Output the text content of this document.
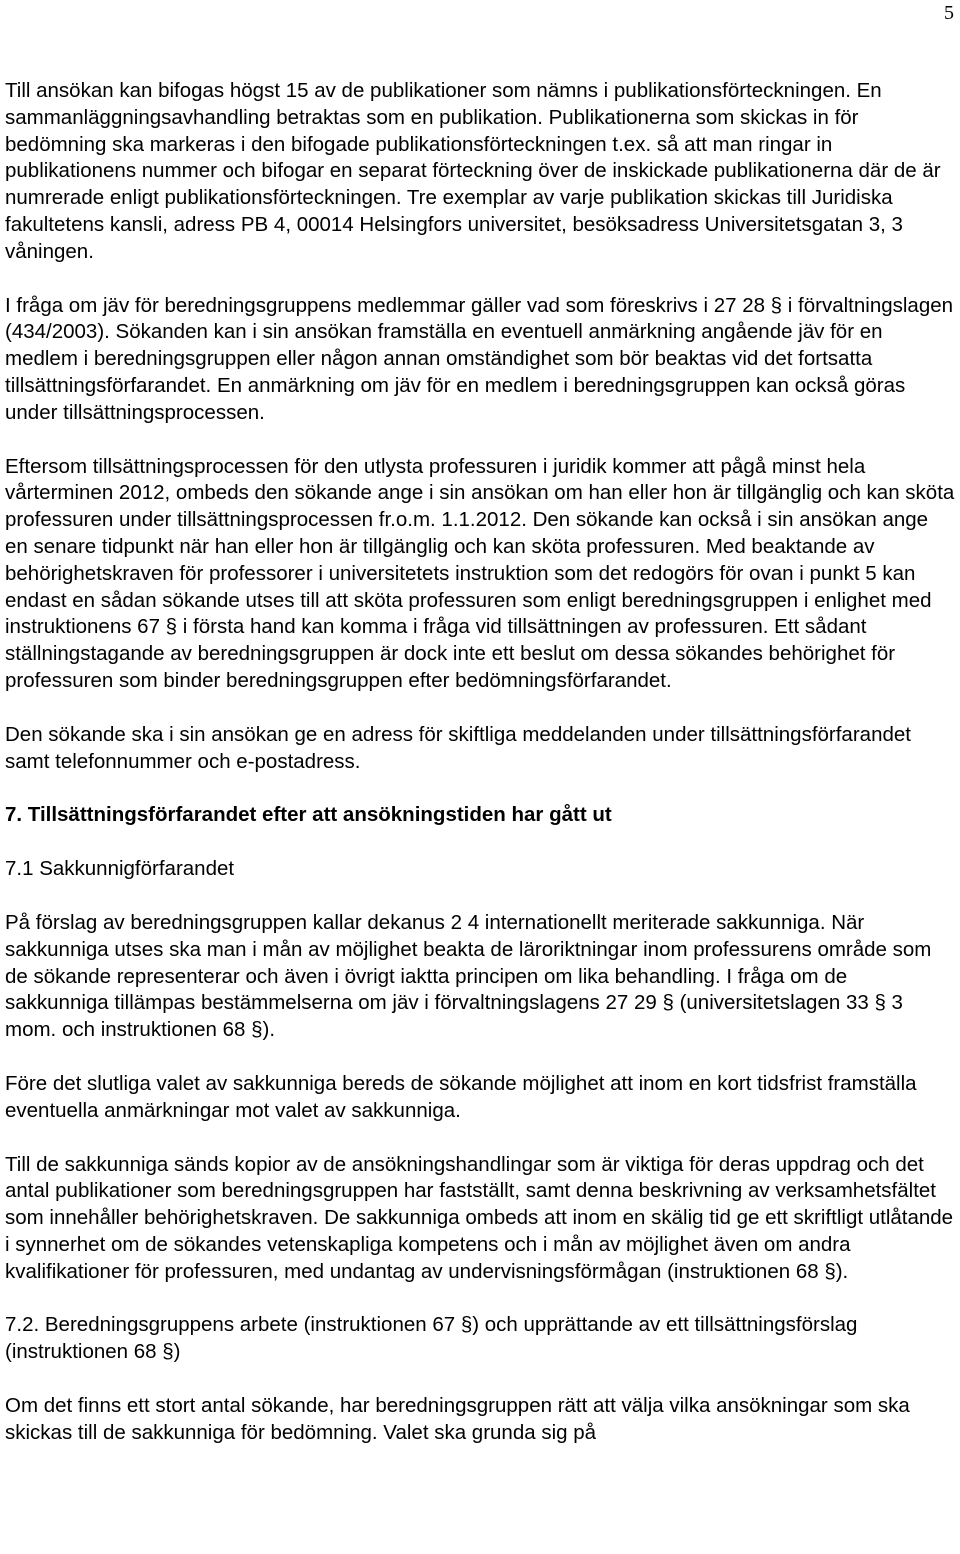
5

Till ansökan kan bifogas högst 15 av de publikationer som nämns i publikationsförteckningen. En sammanläggningsavhandling betraktas som en publikation. Publikationerna som skickas in för bedömning ska markeras i den bifogade publikationsförteckningen t.ex. så att man ringar in publikationens nummer och bifogar en separat förteckning över de inskickade publikationerna där de är numrerade enligt publikationsförteckningen. Tre exemplar av varje publikation skickas till Juridiska fakultetens kansli, adress PB 4, 00014 Helsingfors universitet, besöksadress Universitetsgatan 3, 3 våningen.

I fråga om jäv för beredningsgruppens medlemmar gäller vad som föreskrivs i 27 28 § i förvaltningslagen (434/2003). Sökanden kan i sin ansökan framställa en eventuell anmärkning angående jäv för en medlem i beredningsgruppen eller någon annan omständighet som bör beaktas vid det fortsatta tillsättningsförfarandet. En anmärkning om jäv för en medlem i beredningsgruppen kan också göras under tillsättningsprocessen.

Eftersom tillsättningsprocessen för den utlysta professuren i juridik kommer att pågå minst hela vårterminen 2012, ombeds den sökande ange i sin ansökan om han eller hon är tillgänglig och kan sköta professuren under tillsättningsprocessen fr.o.m. 1.1.2012. Den sökande kan också i sin ansökan ange en senare tidpunkt när han eller hon är tillgänglig och kan sköta professuren. Med beaktande av behörighetskraven för professorer i universitetets instruktion som det redogörs för ovan i punkt 5 kan endast en sådan sökande utses till att sköta professuren som enligt beredningsgruppen i enlighet med instruktionens 67 § i första hand kan komma i fråga vid tillsättningen av professuren. Ett sådant ställningstagande av beredningsgruppen är dock inte ett beslut om dessa sökandes behörighet för professuren som binder beredningsgruppen efter bedömningsförfarandet.

Den sökande ska i sin ansökan ge en adress för skiftliga meddelanden under tillsättningsförfarandet samt telefonnummer och e-postadress.

7. Tillsättningsförfarandet efter att ansökningstiden har gått ut

7.1 Sakkunnigförfarandet

På förslag av beredningsgruppen kallar dekanus 2 4 internationellt meriterade sakkunniga. När sakkunniga utses ska man i mån av möjlighet beakta de läroriktningar inom professurens område som de sökande representerar och även i övrigt iaktta principen om lika behandling. I fråga om de sakkunniga tillämpas bestämmelserna om jäv i förvaltningslagens 27 29 § (universitetslagen 33 § 3 mom. och instruktionen 68 §).

Före det slutliga valet av sakkunniga bereds de sökande möjlighet att inom en kort tidsfrist framställa eventuella anmärkningar mot valet av sakkunniga.

Till de sakkunniga sänds kopior av de ansökningshandlingar som är viktiga för deras uppdrag och det antal publikationer som beredningsgruppen har fastställt, samt denna beskrivning av verksamhetsfältet som innehåller behörighetskraven. De sakkunniga ombeds att inom en skälig tid ge ett skriftligt utlåtande i synnerhet om de sökandes vetenskapliga kompetens och i mån av möjlighet även om andra kvalifikationer för professuren, med undantag av undervisningsförmågan (instruktionen 68 §).

7.2. Beredningsgruppens arbete (instruktionen 67 §) och upprättande av ett tillsättningsförslag (instruktionen 68 §)

Om det finns ett stort antal sökande, har beredningsgruppen rätt att välja vilka ansökningar som ska skickas till de sakkunniga för bedömning. Valet ska grunda sig på
